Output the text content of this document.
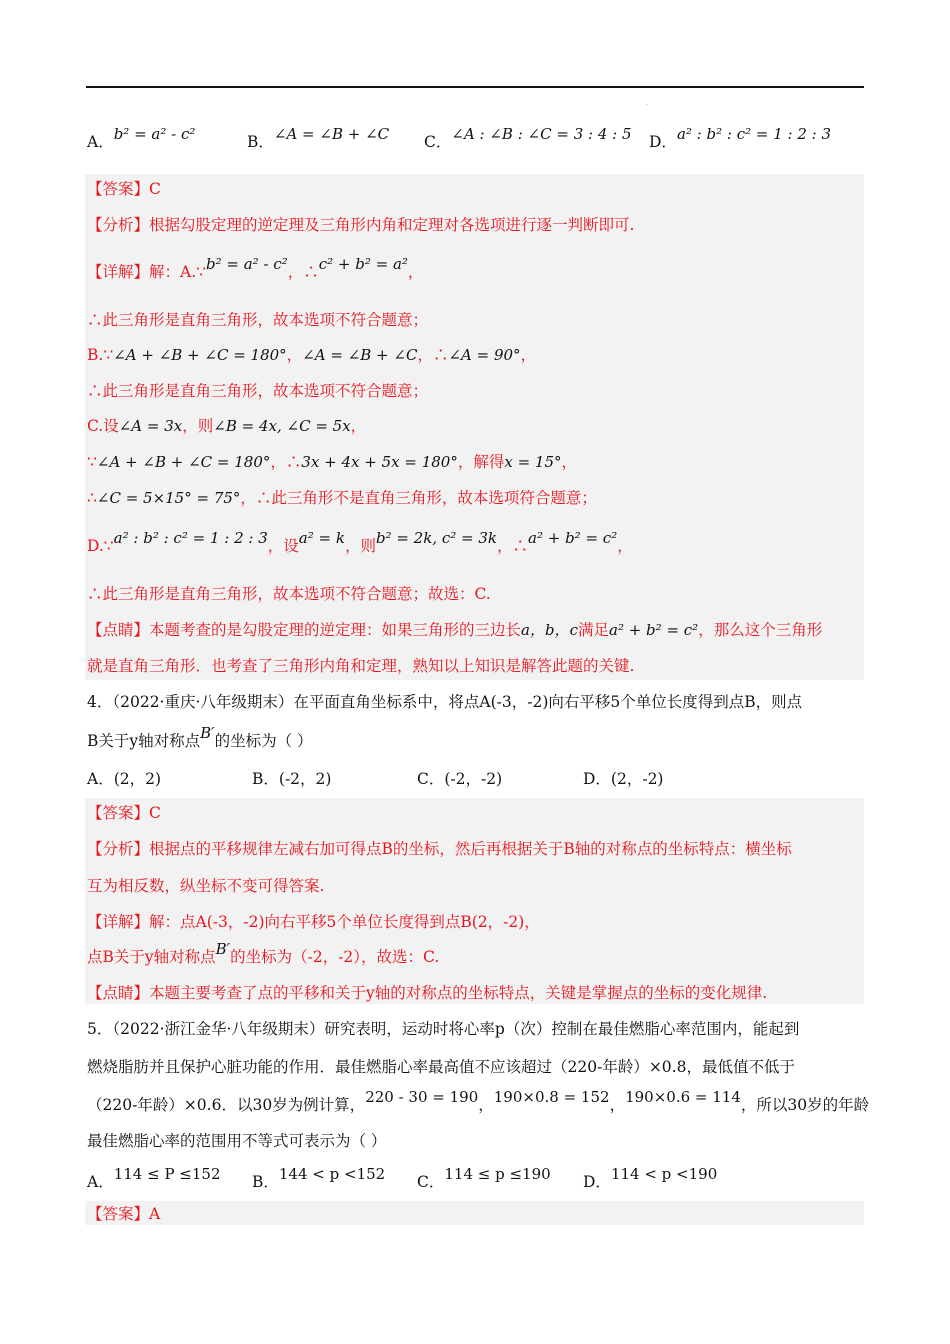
.
A．b² = a² - c²	B．∠A = ∠B + ∠C C．∠A : ∠B : ∠C = 3 : 4 : 5 D．a² : b² : c² = 1 : 2 : 3
【答案】C
【分析】根据勾股定理的逆定理及三角形内角和定理对各选项进行逐一判断即可.
【详解】解：A.∵b² = a² - c²，∴c² + b² = a²，
∴此三角形是直角三角形，故本选项不符合题意；
B.∵∠A + ∠B + ∠C = 180°，∠A = ∠B + ∠C，∴∠A = 90°，
∴此三角形是直角三角形，故本选项不符合题意；
C.设∠A = 3x，则∠B = 4x, ∠C = 5x，
∵∠A + ∠B + ∠C = 180°，∴3x + 4x + 5x = 180°，解得x = 15°，
∴∠C = 5×15° = 75°，∴此三角形不是直角三角形，故本选项符合题意；
D.∵a² : b² : c² = 1 : 2 : 3，设a² = k，则b² = 2k, c² = 3k，∴a² + b² = c²，
∴此三角形是直角三角形，故本选项不符合题意；故选：C.
【点睛】本题考查的是勾股定理的逆定理：如果三角形的三边长a，b，c满足a² + b² = c²，那么这个三角形
就是直角三角形．也考查了三角形内角和定理，熟知以上知识是解答此题的关键.
4．（2022·重庆·八年级期末）在平面直角坐标系中，将点A(-3，-2)向右平移5个单位长度得到点B，则点
B关于y轴对称点B′的坐标为（ ）
A．(2，2)	B．(-2，2)	C．(-2，-2)	D．(2，-2)
【答案】C
【分析】根据点的平移规律左减右加可得点B的坐标，然后再根据关于B轴的对称点的坐标特点：横坐标
互为相反数，纵坐标不变可得答案.
【详解】解：点A(-3，-2)向右平移5个单位长度得到点B(2，-2)，
点B关于y轴对称点B′的坐标为（-2，-2），故选：C.
【点睛】本题主要考查了点的平移和关于y轴的对称点的坐标特点，关键是掌握点的坐标的变化规律.
5．（2022·浙江金华·八年级期末）研究表明，运动时将心率p（次）控制在最佳燃脂心率范围内，能起到
燃烧脂肪并且保护心脏功能的作用．最佳燃脂心率最高值不应该超过（220-年龄）×0.8，最低值不低于
（220-年龄）×0.6．以30岁为例计算，220 - 30 = 190，190×0.8 = 152，190×0.6 = 114，所以30岁的年龄
最佳燃脂心率的范围用不等式可表示为（ ）
A．114 ≤ P ≤152 B．144 < p <152 C．114 ≤ p ≤190 D．114 < p <190
【答案】A
